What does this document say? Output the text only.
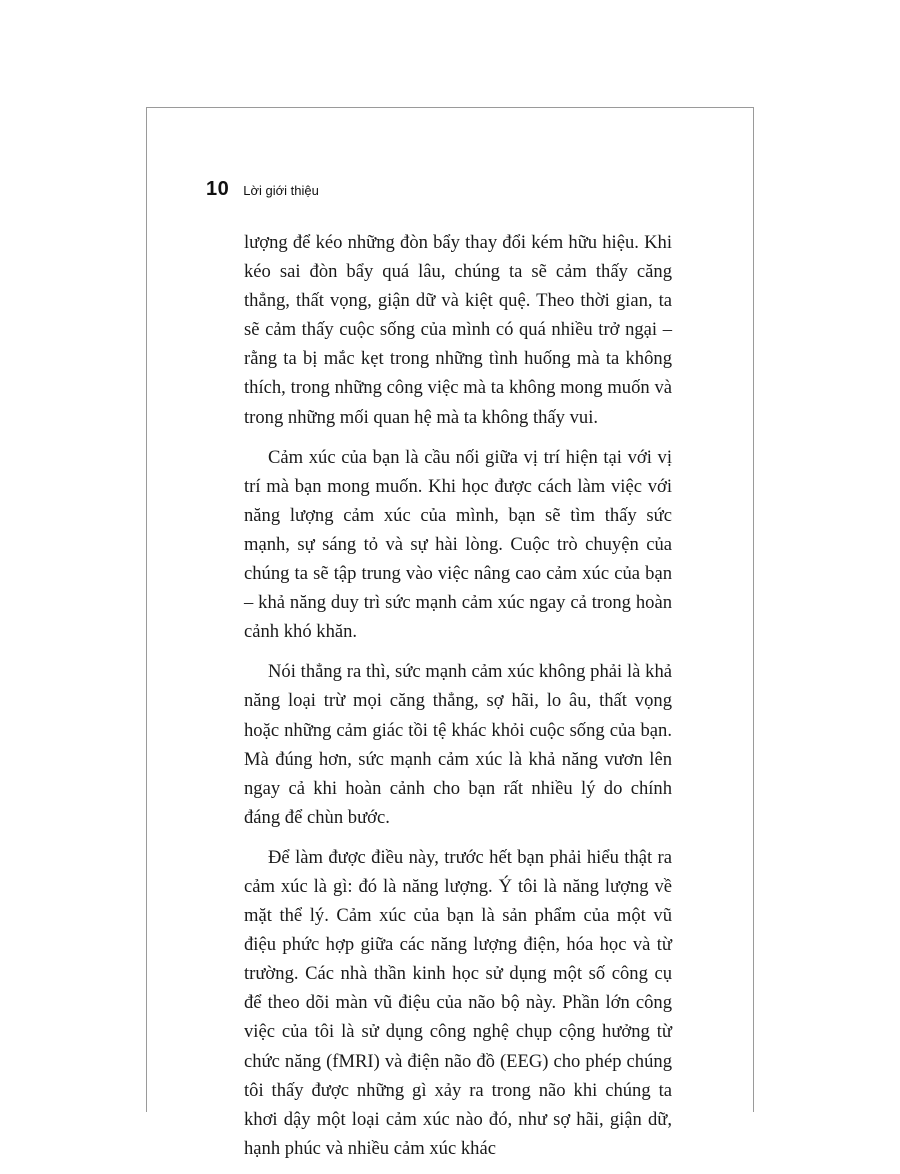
10 Lời giới thiệu

lượng để kéo những đòn bẩy thay đổi kém hữu hiệu. Khi kéo sai đòn bẩy quá lâu, chúng ta sẽ cảm thấy căng thẳng, thất vọng, giận dữ và kiệt quệ. Theo thời gian, ta sẽ cảm thấy cuộc sống của mình có quá nhiều trở ngại – rằng ta bị mắc kẹt trong những tình huống mà ta không thích, trong những công việc mà ta không mong muốn và trong những mối quan hệ mà ta không thấy vui.

Cảm xúc của bạn là cầu nối giữa vị trí hiện tại với vị trí mà bạn mong muốn. Khi học được cách làm việc với năng lượng cảm xúc của mình, bạn sẽ tìm thấy sức mạnh, sự sáng tỏ và sự hài lòng. Cuộc trò chuyện của chúng ta sẽ tập trung vào việc nâng cao cảm xúc của bạn – khả năng duy trì sức mạnh cảm xúc ngay cả trong hoàn cảnh khó khăn.

Nói thẳng ra thì, sức mạnh cảm xúc không phải là khả năng loại trừ mọi căng thẳng, sợ hãi, lo âu, thất vọng hoặc những cảm giác tồi tệ khác khỏi cuộc sống của bạn. Mà đúng hơn, sức mạnh cảm xúc là khả năng vươn lên ngay cả khi hoàn cảnh cho bạn rất nhiều lý do chính đáng để chùn bước.

Để làm được điều này, trước hết bạn phải hiểu thật ra cảm xúc là gì: đó là năng lượng. Ý tôi là năng lượng về mặt thể lý. Cảm xúc của bạn là sản phẩm của một vũ điệu phức hợp giữa các năng lượng điện, hóa học và từ trường. Các nhà thần kinh học sử dụng một số công cụ để theo dõi màn vũ điệu của não bộ này. Phần lớn công việc của tôi là sử dụng công nghệ chụp cộng hưởng từ chức năng (fMRI) và điện não đồ (EEG) cho phép chúng tôi thấy được những gì xảy ra trong não khi chúng ta khơi dậy một loại cảm xúc nào đó, như sợ hãi, giận dữ, hạnh phúc và nhiều cảm xúc khác
